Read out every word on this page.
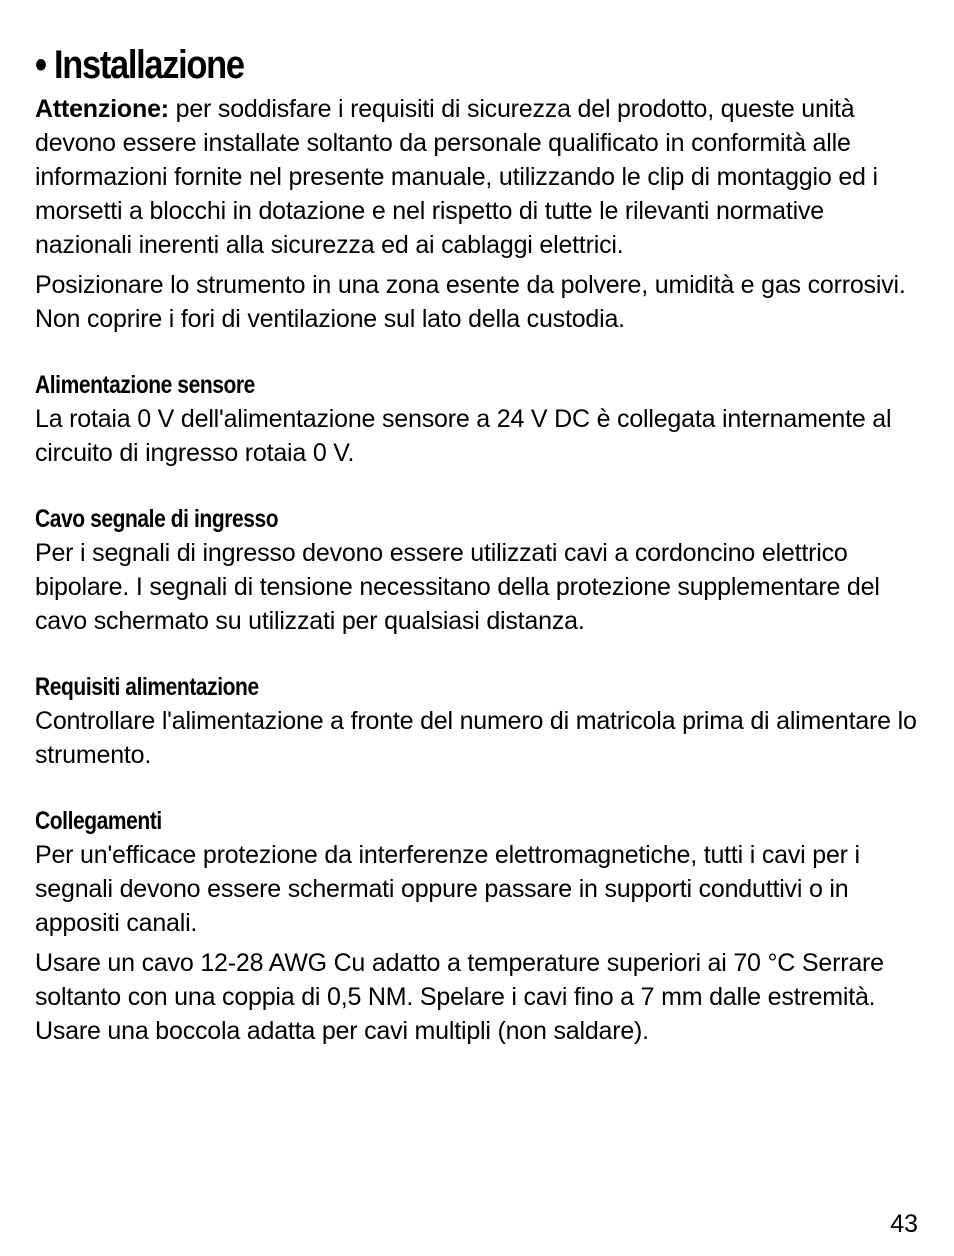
• Installazione

Attenzione: per soddisfare i requisiti di sicurezza del prodotto, queste unità devono essere installate soltanto da personale qualificato in conformità alle informazioni fornite nel presente manuale, utilizzando le clip di montaggio ed i morsetti a blocchi in dotazione e nel rispetto di tutte le rilevanti normative nazionali inerenti alla sicurezza ed ai cablaggi elettrici.

Posizionare lo strumento in una zona esente da polvere, umidità e gas corrosivi. Non coprire i fori di ventilazione sul lato della custodia.

Alimentazione sensore

La rotaia 0 V dell'alimentazione sensore a 24 V DC è collegata internamente al circuito di ingresso rotaia 0 V.

Cavo segnale di ingresso

Per i segnali di ingresso devono essere utilizzati cavi a cordoncino elettrico bipolare. I segnali di tensione necessitano della protezione supplementare del cavo schermato su utilizzati per qualsiasi distanza.

Requisiti alimentazione

Controllare l'alimentazione a fronte del numero di matricola prima di alimentare lo strumento.

Collegamenti

Per un'efficace protezione da interferenze elettromagnetiche, tutti i cavi per i segnali devono essere schermati oppure passare in supporti conduttivi o in appositi canali.

Usare un cavo 12-28 AWG Cu adatto a temperature superiori ai 70 °C Serrare soltanto con una coppia di 0,5 NM. Spelare i cavi fino a 7 mm dalle estremità. Usare una boccola adatta per cavi multipli (non saldare).

43
